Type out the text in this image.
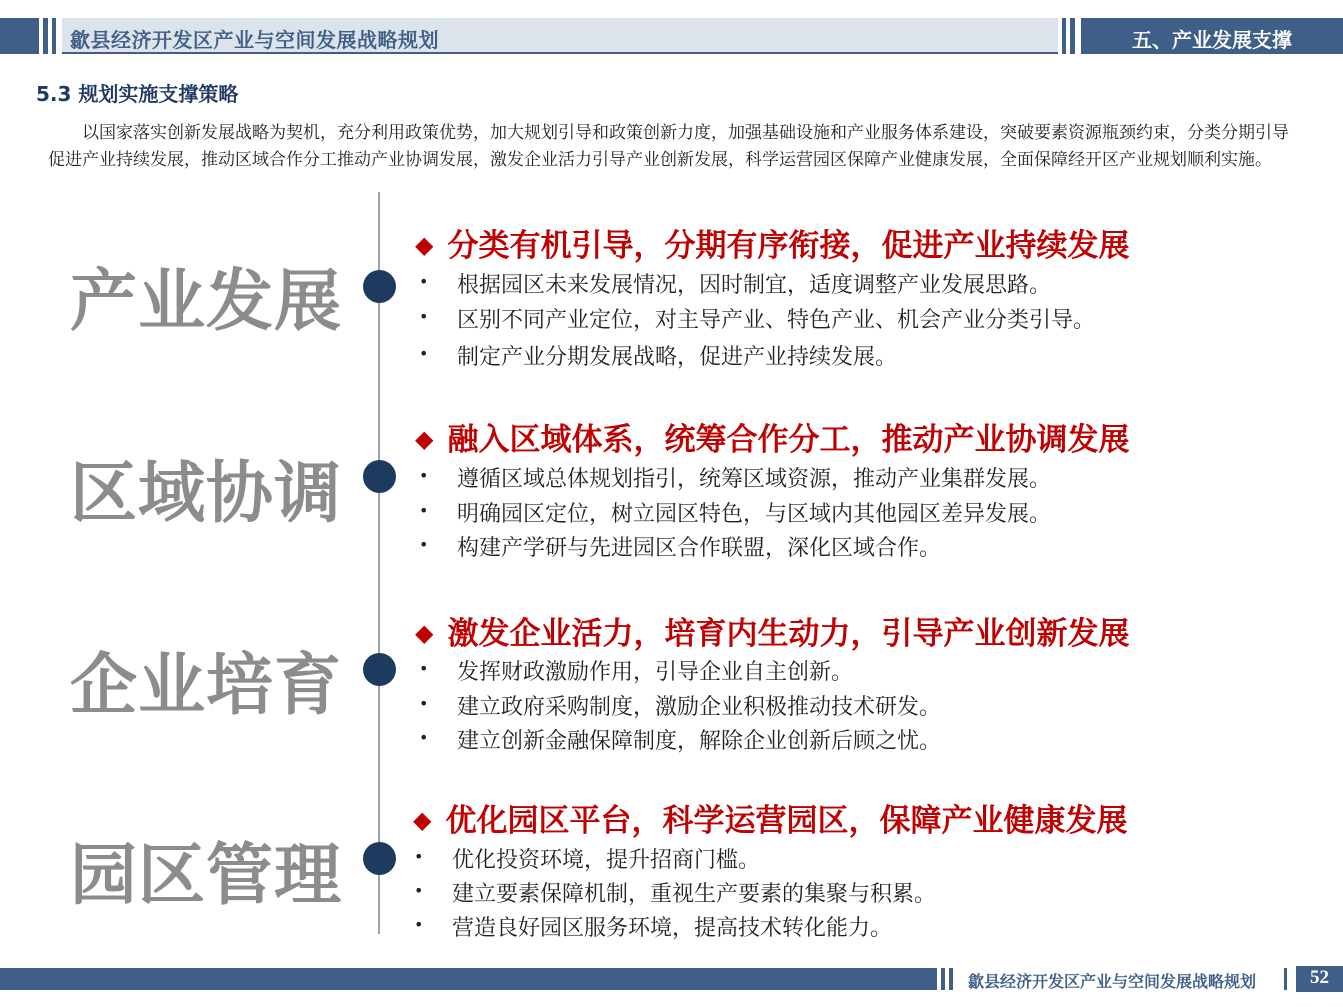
歙县经济开发区产业与空间发展战略规划	五、产业发展支撑
5.3 规划实施支撑策略
以国家落实创新发展战略为契机，充分利用政策优势，加大规划引导和政策创新力度，加强基础设施和产业服务体系建设，突破要素资源瓶颈约束，分类分期引导促进产业持续发展，推动区域合作分工推动产业协调发展，激发企业活力引导产业创新发展，科学运营园区保障产业健康发展，全面保障经开区产业规划顺利实施。
产业发展
◆ 分类有机引导，分期有序衔接，促进产业持续发展
• 根据园区未来发展情况，因时制宜，适度调整产业发展思路。
• 区别不同产业定位，对主导产业、特色产业、机会产业分类引导。
• 制定产业分期发展战略，促进产业持续发展。
区域协调
◆ 融入区域体系，统筹合作分工，推动产业协调发展
• 遵循区域总体规划指引，统筹区域资源，推动产业集群发展。
• 明确园区定位，树立园区特色，与区域内其他园区差异发展。
• 构建产学研与先进园区合作联盟，深化区域合作。
企业培育
◆ 激发企业活力，培育内生动力，引导产业创新发展
• 发挥财政激励作用，引导企业自主创新。
• 建立政府采购制度，激励企业积极推动技术研发。
• 建立创新金融保障制度，解除企业创新后顾之忧。
园区管理
◆ 优化园区平台，科学运营园区，保障产业健康发展
• 优化投资环境，提升招商门槛。
• 建立要素保障机制，重视生产要素的集聚与积累。
• 营造良好园区服务环境，提高技术转化能力。
歙县经济开发区产业与空间发展战略规划	52
